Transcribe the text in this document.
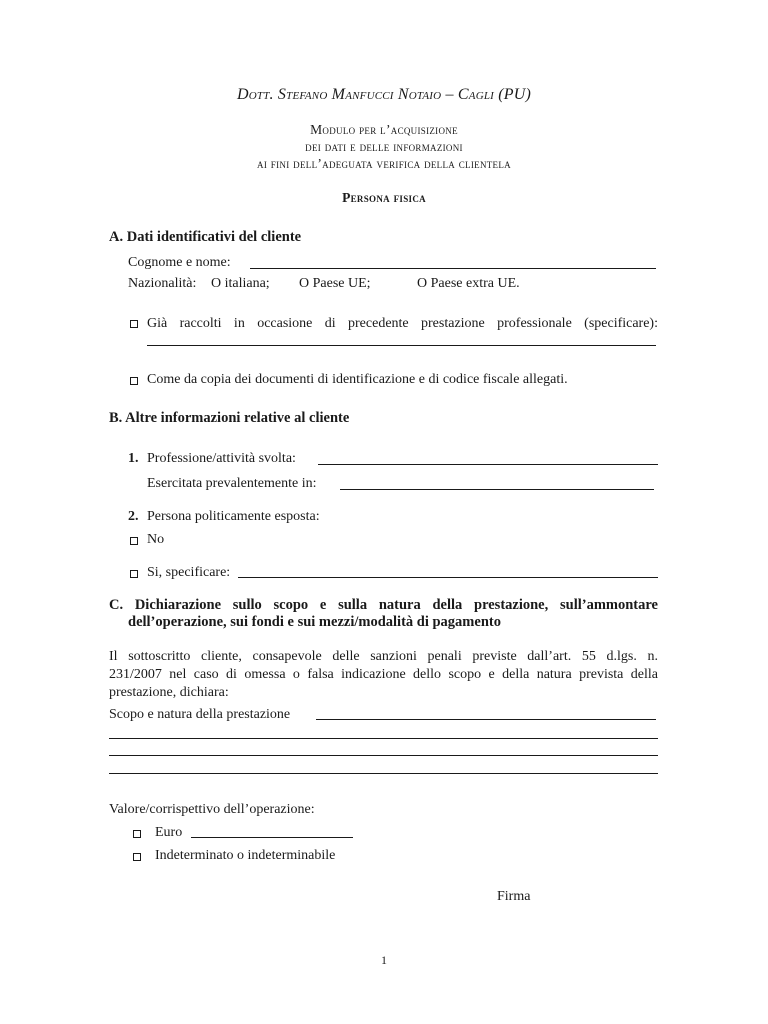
Dott. Stefano Manfucci Notaio – Cagli (PU)
Modulo per l’acquisizione
dei dati e delle informazioni
ai fini dell’adeguata verifica della clientela
Persona fisica
A. Dati identificativi del cliente
Cognome e nome:
Nazionalità: O italiana; O Paese UE;	O Paese extra UE.
Già raccolti in occasione di precedente prestazione professionale (specificare):
Come da copia dei documenti di identificazione e di codice fiscale allegati.
B. Altre informazioni relative al cliente
1. Professione/attività svolta:
Esercitata prevalentemente in:
2. Persona politicamente esposta:
No
Si, specificare:
C. Dichiarazione sullo scopo e sulla natura della prestazione, sull’ammontare
dell’operazione, sui fondi e sui mezzi/modalità di pagamento
Il sottoscritto cliente, consapevole delle sanzioni penali previste dall’art. 55 d.lgs. n.
231/2007 nel caso di omessa o falsa indicazione dello scopo e della natura prevista della
prestazione, dichiara:
Scopo e natura della prestazione
Valore/corrispettivo dell’operazione:
Euro
Indeterminato o indeterminabile
Firma
1
